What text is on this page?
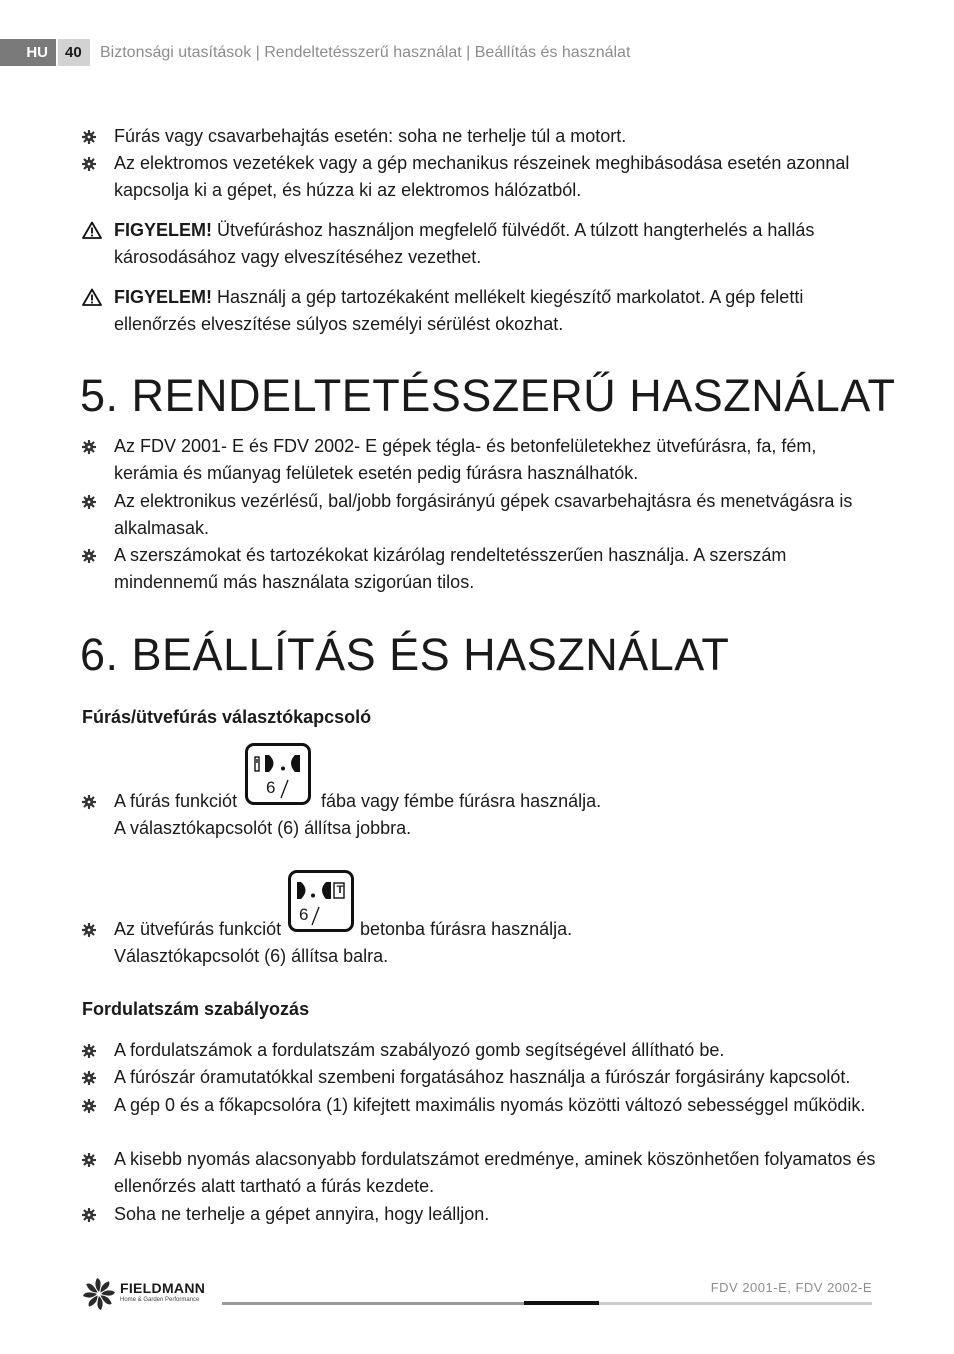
HU 40 Biztonsági utasítások | Rendeltetésszerű használat | Beállítás és használat
Fúrás vagy csavarbehajtás esetén: soha ne terhelje túl a motort.
Az elektromos vezetékek vagy a gép mechanikus részeinek meghibásodása esetén azonnal kapcsolja ki a gépet, és húzza ki az elektromos hálózatból.
FIGYELEM! Ütvefúráshoz használjon megfelelő fülvédőt. A túlzott hangterhelés a hallás károsodásához vagy elveszítéséhez vezethet.
FIGYELEM! Használj a gép tartozékaként mellékelt kiegészítő markolatot. A gép feletti ellenőrzés elveszítése súlyos személyi sérülést okozhat.
5. RENDELTETÉSSZERŰ HASZNÁLAT
Az FDV 2001- E és FDV 2002- E gépek tégla- és betonfelületekhez ütvefúrásra, fa, fém, kerámia és műanyag felületek esetén pedig fúrásra használhatók.
Az elektronikus vezérlésű, bal/jobb forgásirányú gépek csavarbehajtásra és menetvágásra is alkalmasak.
A szerszámokat és tartozékokat kizárólag rendeltetésszerűen használja. A szerszám mindennemű más használata szigorúan tilos.
6. BEÁLLÍTÁS ÉS HASZNÁLAT
Fúrás/ütvefúrás választókapcsoló
A fúrás funkciót	fába vagy fémbe fúrásra használja.
A választókapcsolót (6) állítsa jobbra.
6
Az ütvefúrás funkciót	betonba fúrásra használja.
Választókapcsolót (6) állítsa balra.
T
6
Fordulatszám szabályozás
A fordulatszámok a fordulatszám szabályozó gomb segítségével állítható be.
A fúrószár óramutatókkal szembeni forgatásához használja a fúrószár forgásirány kapcsolót.
A gép 0 és a főkapcsolóra (1) kifejtett maximális nyomás közötti változó sebességgel működik.
A kisebb nyomás alacsonyabb fordulatszámot eredménye, aminek köszönhetően folyamatos és ellenőrzés alatt tartható a fúrás kezdete.
Soha ne terhelje a gépet annyira, hogy leálljon.
FIELDMANN
Home & Garden Performance
FDV 2001-E, FDV 2002-E
